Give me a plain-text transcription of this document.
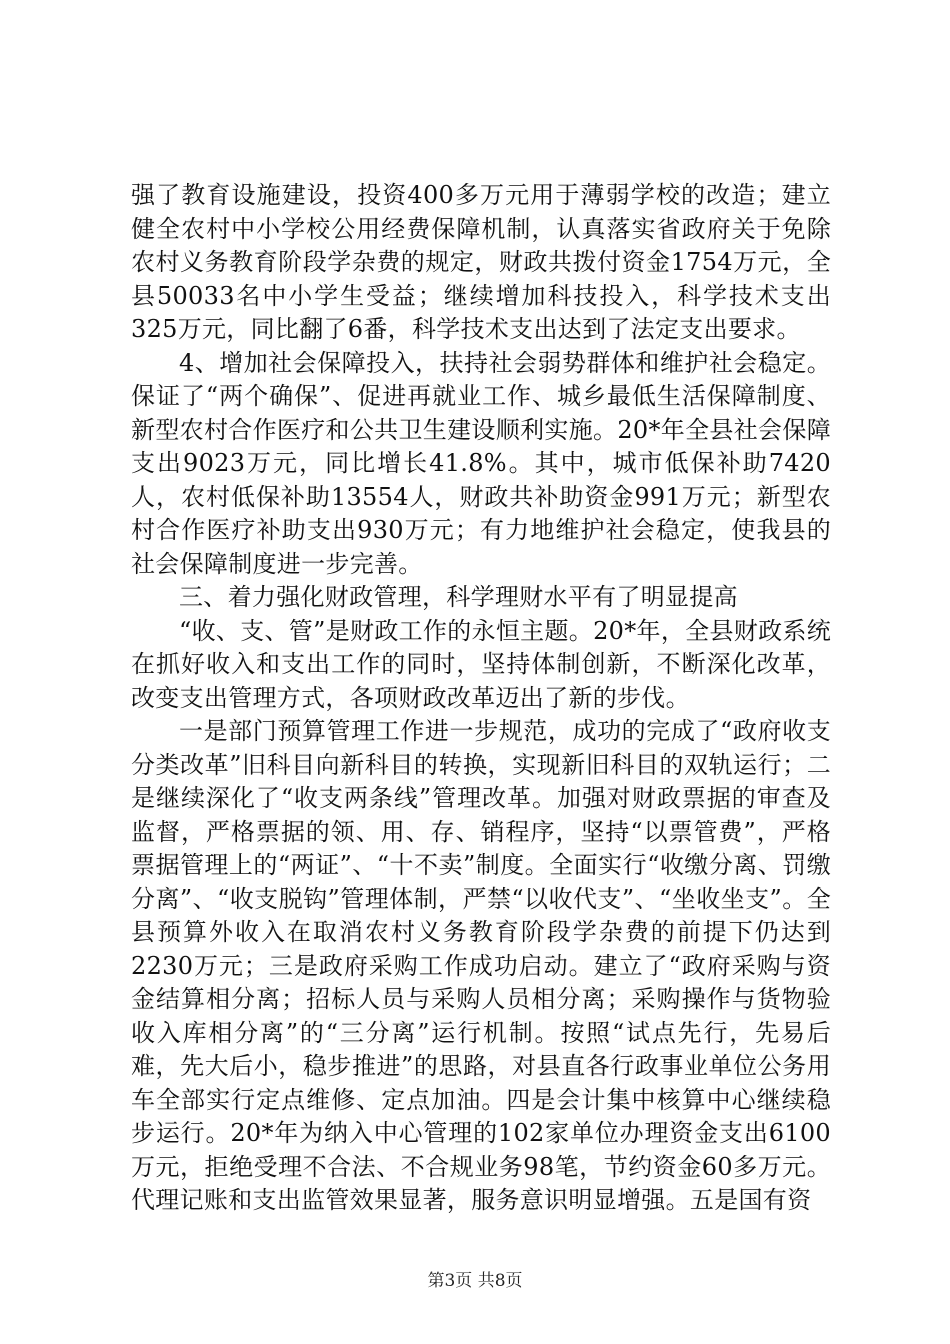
强了教育设施建设，投资400多万元用于薄弱学校的改造；建立健全农村中小学校公用经费保障机制，认真落实省政府关于免除农村义务教育阶段学杂费的规定，财政共拨付资金1754万元，全县50033名中小学生受益；继续增加科技投入，科学技术支出325万元，同比翻了6番，科学技术支出达到了法定支出要求。

4、增加社会保障投入，扶持社会弱势群体和维护社会稳定。保证了“两个确保”、促进再就业工作、城乡最低生活保障制度、新型农村合作医疗和公共卫生建设顺利实施。20*年全县社会保障支出9023万元，同比增长41.8%。其中，城市低保补助7420人，农村低保补助13554人，财政共补助资金991万元；新型农村合作医疗补助支出930万元；有力地维护社会稳定，使我县的社会保障制度进一步完善。

三、着力强化财政管理，科学理财水平有了明显提高

“收、支、管”是财政工作的永恒主题。20*年，全县财政系统在抓好收入和支出工作的同时，坚持体制创新，不断深化改革，改变支出管理方式，各项财政改革迈出了新的步伐。

一是部门预算管理工作进一步规范，成功的完成了“政府收支分类改革”旧科目向新科目的转换，实现新旧科目的双轨运行；二是继续深化了“收支两条线”管理改革。加强对财政票据的审查及监督，严格票据的领、用、存、销程序，坚持“以票管费”，严格票据管理上的“两证”、“十不卖”制度。全面实行“收缴分离、罚缴分离”、“收支脱钩”管理体制，严禁“以收代支”、“坐收坐支”。全县预算外收入在取消农村义务教育阶段学杂费的前提下仍达到2230万元；三是政府采购工作成功启动。建立了“政府采购与资金结算相分离；招标人员与采购人员相分离；采购操作与货物验收入库相分离”的“三分离”运行机制。按照“试点先行，先易后难，先大后小，稳步推进”的思路，对县直各行政事业单位公务用车全部实行定点维修、定点加油。四是会计集中核算中心继续稳步运行。20*年为纳入中心管理的102家单位办理资金支出6100万元，拒绝受理不合法、不合规业务98笔，节约资金60多万元。代理记账和支出监管效果显著，服务意识明显增强。五是国有资

第3页 共8页
